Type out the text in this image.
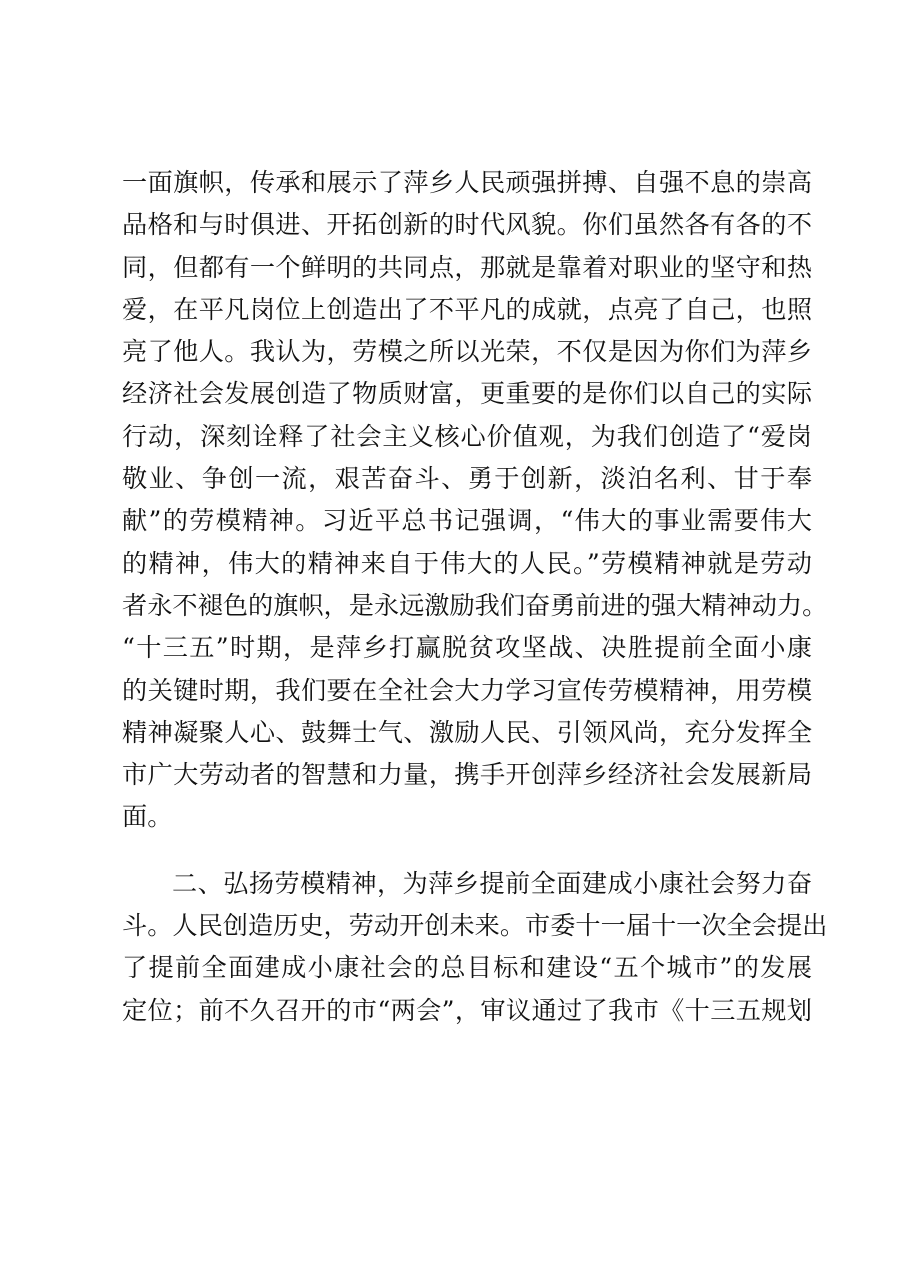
一面旗帜，传承和展示了萍乡人民顽强拼搏、自强不息的崇高
品格和与时俱进、开拓创新的时代风貌。你们虽然各有各的不
同，但都有一个鲜明的共同点，那就是靠着对职业的坚守和热
爱，在平凡岗位上创造出了不平凡的成就，点亮了自己，也照
亮了他人。我认为，劳模之所以光荣，不仅是因为你们为萍乡
经济社会发展创造了物质财富，更重要的是你们以自己的实际
行动，深刻诠释了社会主义核心价值观，为我们创造了“爱岗
敬业、争创一流，艰苦奋斗、勇于创新，淡泊名利、甘于奉
献”的劳模精神。习近平总书记强调，“伟大的事业需要伟大
的精神，伟大的精神来自于伟大的人民。”劳模精神就是劳动
者永不褪色的旗帜，是永远激励我们奋勇前进的强大精神动力。
“十三五”时期，是萍乡打赢脱贫攻坚战、决胜提前全面小康
的关键时期，我们要在全社会大力学习宣传劳模精神，用劳模
精神凝聚人心、鼓舞士气、激励人民、引领风尚，充分发挥全
市广大劳动者的智慧和力量，携手开创萍乡经济社会发展新局
面。
二、弘扬劳模精神，为萍乡提前全面建成小康社会努力奋
斗。人民创造历史，劳动开创未来。市委十一届十一次全会提出
了提前全面建成小康社会的总目标和建设“五个城市”的发展
定位；前不久召开的市“两会”，审议通过了我市《十三五规划
